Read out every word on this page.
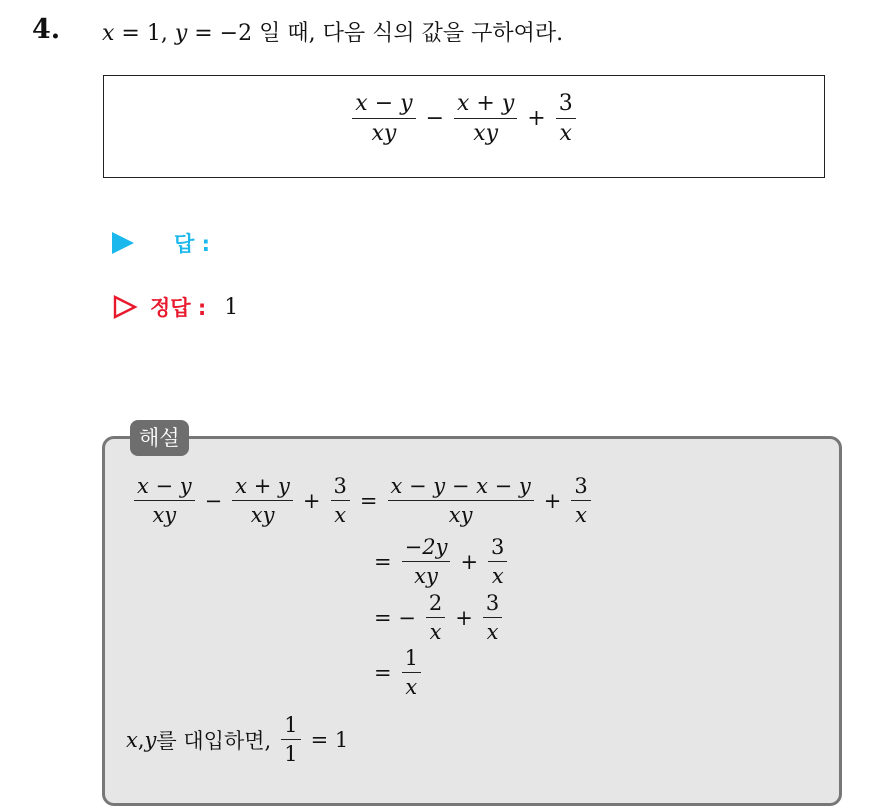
4. x = 1, y = −2 일 때, 다음 식의 값을 구하여라.
$\frac{x - y}{xy} - \frac{x + y}{xy} + \frac{3}{x}$
답 :
정답 : 1
해설
$\frac{x - y}{xy} - \frac{x + y}{xy} + \frac{3}{x} = \frac{x - y - x - y}{xy} + \frac{3}{x}$
= $\frac{-2y}{xy} + \frac{3}{x}$
= − $\frac{2}{x} + \frac{3}{x}$
= $\frac{1}{x}$
x , y 를 대입하면, $\frac{1}{1} = 1$
